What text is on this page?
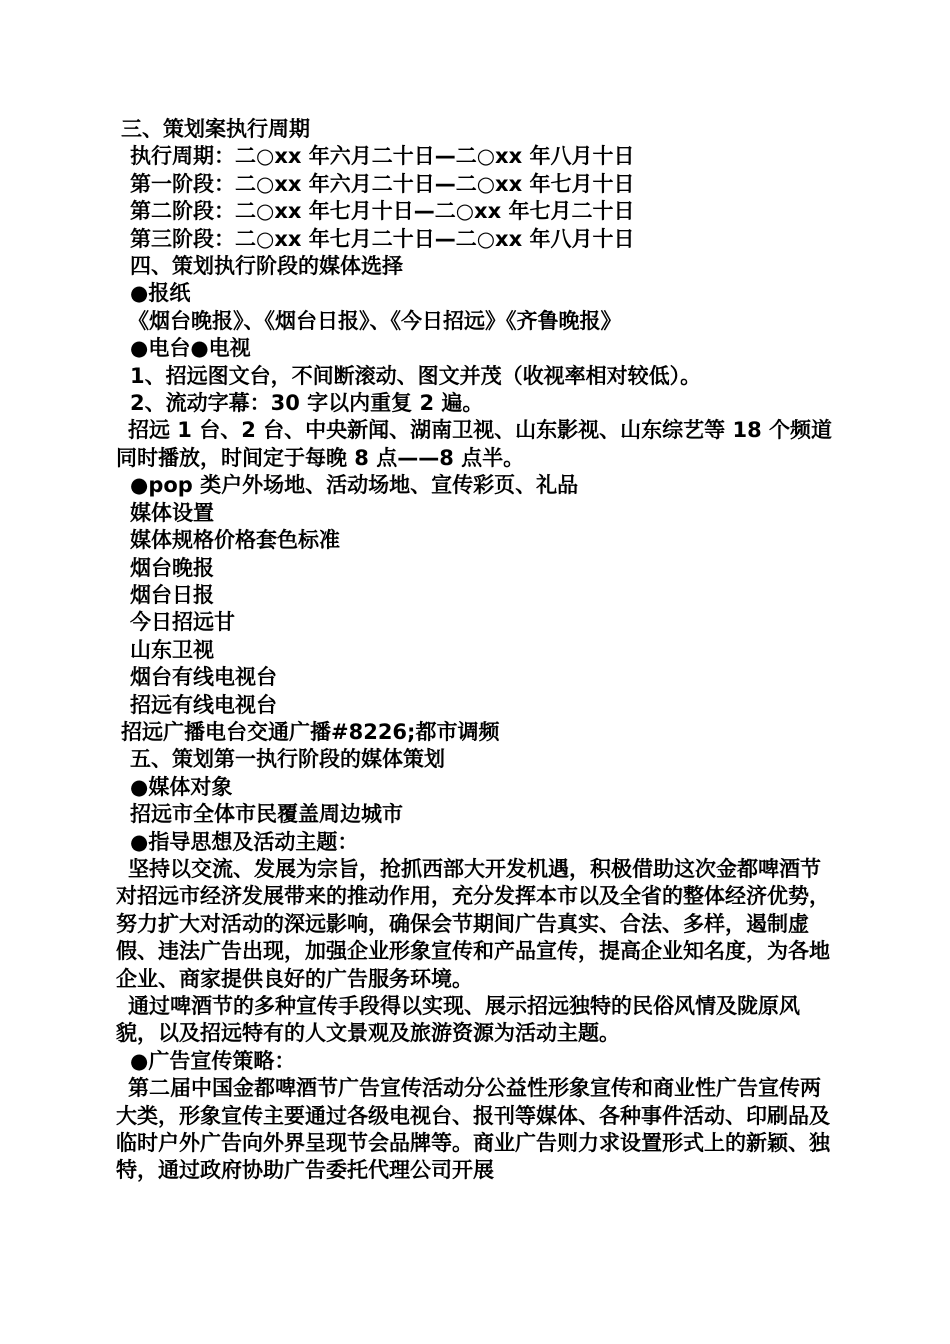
三、策划案执行周期
执行周期：二○xx 年六月二十日—二○xx 年八月十日
第一阶段：二○xx 年六月二十日—二○xx 年七月十日
第二阶段：二○xx 年七月十日—二○xx 年七月二十日
第三阶段：二○xx 年七月二十日—二○xx 年八月十日
四、策划执行阶段的媒体选择
●报纸
《烟台晚报》、《烟台日报》、《今日招远》《齐鲁晚报》
●电台●电视
1、招远图文台，不间断滚动、图文并茂（收视率相对较低）。
2、流动字幕：30 字以内重复 2 遍。
招远 1 台、2 台、中央新闻、湖南卫视、山东影视、山东综艺等 18 个频道同时播放，时间定于每晚 8 点——8 点半。
●pop 类户外场地、活动场地、宣传彩页、礼品
媒体设置
媒体规格价格套色标准
烟台晚报
烟台日报
今日招远甘
山东卫视
烟台有线电视台
招远有线电视台
招远广播电台交通广播#8226;都市调频
五、策划第一执行阶段的媒体策划
●媒体对象
招远市全体市民覆盖周边城市
●指导思想及活动主题：
坚持以交流、发展为宗旨，抢抓西部大开发机遇，积极借助这次金都啤酒节对招远市经济发展带来的推动作用，充分发挥本市以及全省的整体经济优势，努力扩大对活动的深远影响，确保会节期间广告真实、合法、多样，遏制虚假、违法广告出现，加强企业形象宣传和产品宣传，提高企业知名度，为各地企业、商家提供良好的广告服务环境。
通过啤酒节的多种宣传手段得以实现、展示招远独特的民俗风情及陇原风貌，以及招远特有的人文景观及旅游资源为活动主题。
●广告宣传策略：
第二届中国金都啤酒节广告宣传活动分公益性形象宣传和商业性广告宣传两大类，形象宣传主要通过各级电视台、报刊等媒体、各种事件活动、印刷品及临时户外广告向外界呈现节会品牌等。商业广告则力求设置形式上的新颖、独特，通过政府协助广告委托代理公司开展
